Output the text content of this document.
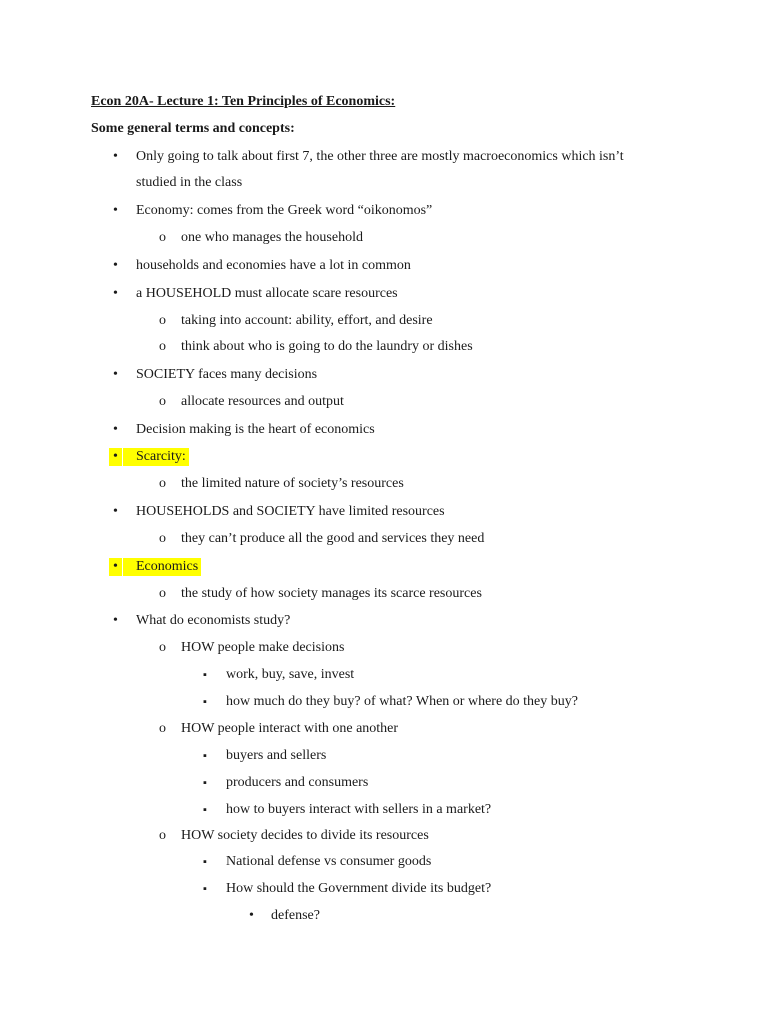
Econ 20A- Lecture 1: Ten Principles of Economics:
Some general terms and concepts:
• Only going to talk about first 7, the other three are mostly macroeconomics which isn’t
studied in the class
• Economy: comes from the Greek word “oikonomos”
o one who manages the household
• households and economies have a lot in common
• a HOUSEHOLD must allocate scare resources
o taking into account: ability, effort, and desire
o think about who is going to do the laundry or dishes
• SOCIETY faces many decisions
o allocate resources and output
• Decision making is the heart of economics
•	Scarcity:
o the limited nature of society’s resources
• HOUSEHOLDS and SOCIETY have limited resources
o they can’t produce all the good and services they need
•	Economics
o the study of how society manages its scarce resources
• What do economists study?
o HOW people make decisions
▪ work, buy, save, invest
▪ how much do they buy? of what? When or where do they buy?
o HOW people interact with one another
▪ buyers and sellers
▪ producers and consumers
▪ how to buyers interact with sellers in a market?
o HOW society decides to divide its resources
▪ National defense vs consumer goods
▪ How should the Government divide its budget?
• defense?
